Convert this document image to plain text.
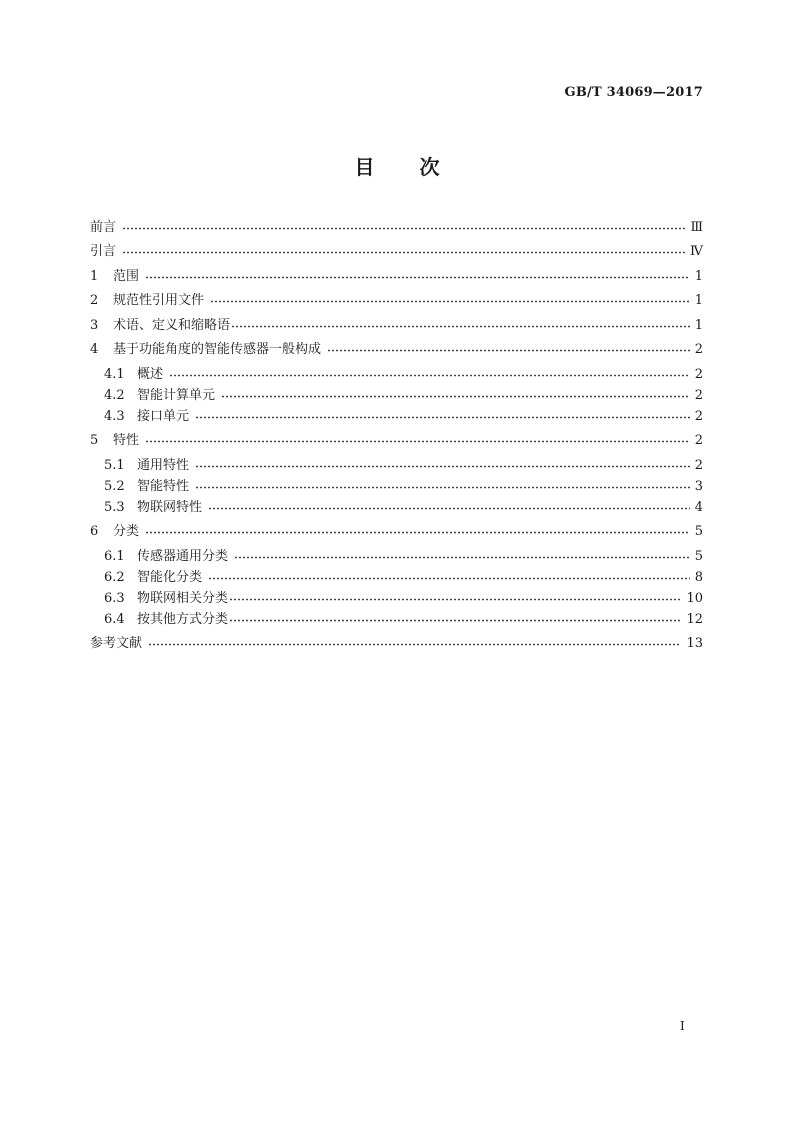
GB/T 34069—2017
目 次
前言	Ⅲ
引言	Ⅳ
1	范围	1
2	规范性引用文件	1
3	术语、定义和缩略语	1
4	基于功能角度的智能传感器一般构成	2
4.1 概述	2
4.2 智能计算单元	2
4.3 接口单元	2
5	特性	2
5.1 通用特性	2
5.2 智能特性	3
5.3 物联网特性	4
6	分类	5
6.1 传感器通用分类	5
6.2 智能化分类	8
6.3 物联网相关分类	10
6.4 按其他方式分类	12
参考文献	13
I
